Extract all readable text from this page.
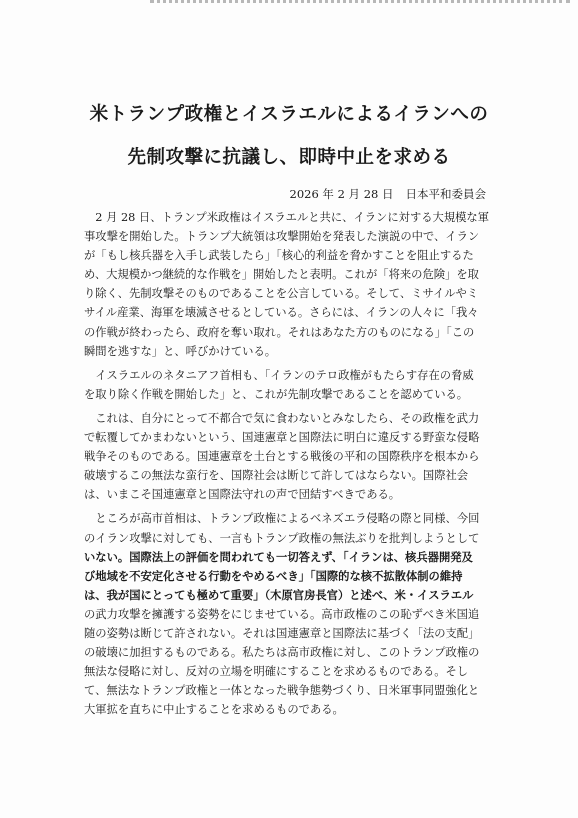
米トランプ政権とイスラエルによるイランへの
先制攻撃に抗議し、即時中止を求める
2026 年 2 月 28 日 日本平和委員会

　2 月 28 日、トランプ米政権はイスラエルと共に、イランに対する大規模な軍
事攻撃を開始した。トランプ大統領は攻撃開始を発表した演説の中で、イラン
が「もし核兵器を入手し武装したら」「核心的利益を脅かすことを阻止するた
め、大規模かつ継続的な作戦を」開始したと表明。これが「将来の危険」を取
り除く、先制攻撃そのものであることを公言している。そして、ミサイルやミ
サイル産業、海軍を壊滅させるとしている。さらには、イランの人々に「我々
の作戦が終わったら、政府を奪い取れ。それはあなた方のものになる」「この
瞬間を逃すな」と、呼びかけている。

　イスラエルのネタニアフ首相も、「イランのテロ政権がもたらす存在の脅威
を取り除く作戦を開始した」と、これが先制攻撃であることを認めている。

　これは、自分にとって不都合で気に食わないとみなしたら、その政権を武力
で転覆してかまわないという、国連憲章と国際法に明白に違反する野蛮な侵略
戦争そのものである。国連憲章を土台とする戦後の平和の国際秩序を根本から
破壊するこの無法な蛮行を、国際社会は断じて許してはならない。国際社会
は、いまこそ国連憲章と国際法守れの声で団結すべきである。

　ところが高市首相は、トランプ政権によるベネズエラ侵略の際と同様、今回
のイラン攻撃に対しても、一言もトランプ政権の無法ぶりを批判しようとして
いない。国際法上の評価を問われても一切答えず、「イランは、核兵器開発及
び地域を不安定化させる行動をやめるべき」「国際的な核不拡散体制の維持
は、我が国にとっても極めて重要」（木原官房長官）と述べ、米・イスラエル
の武力攻撃を擁護する姿勢をにじませている。高市政権のこの恥ずべき米国追
随の姿勢は断じて許されない。それは国連憲章と国際法に基づく「法の支配」
の破壊に加担するものである。私たちは高市政権に対し、このトランプ政権の
無法な侵略に対し、反対の立場を明確にすることを求めるものである。そし
て、無法なトランプ政権と一体となった戦争態勢づくり、日米軍事同盟強化と
大軍拡を直ちに中止することを求めるものである。
